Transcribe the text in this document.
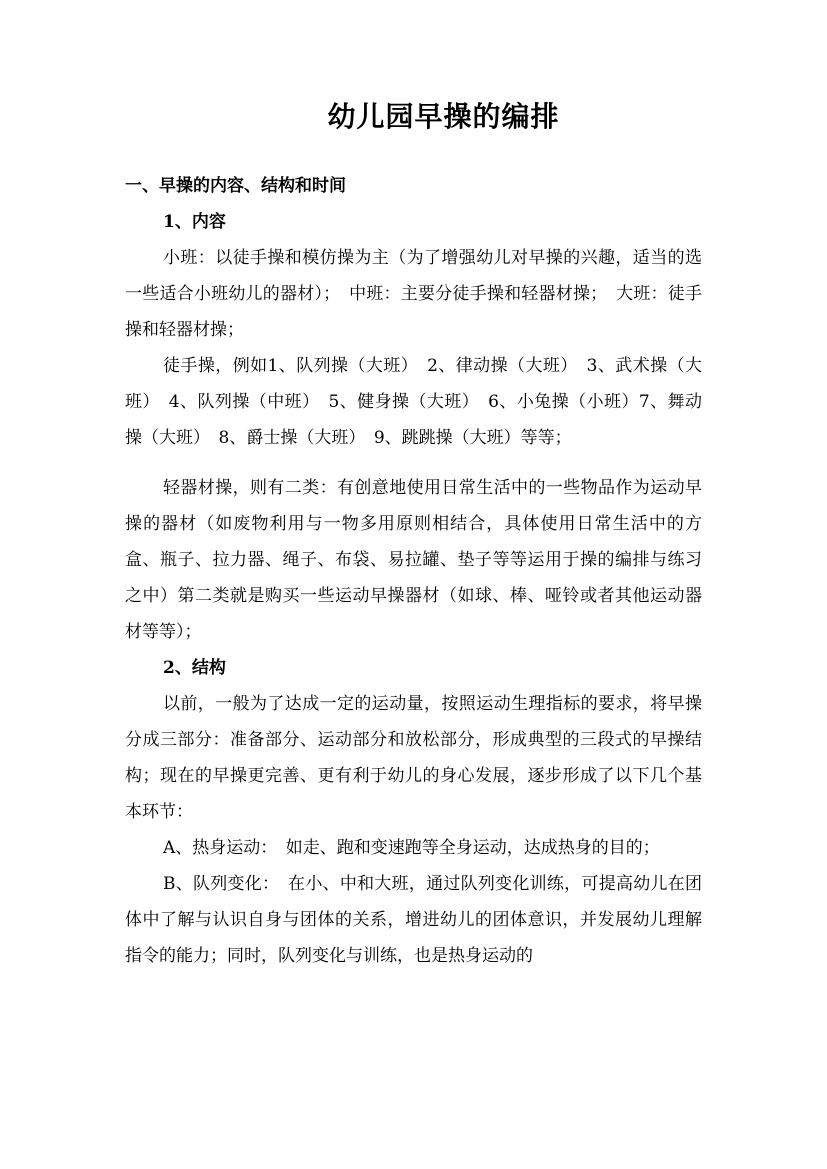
幼儿园早操的编排

一、早操的内容、结构和时间

1、内容

小班：以徒手操和模仿操为主（为了增强幼儿对早操的兴趣，适当的选一些适合小班幼儿的器材）；　中班：主要分徒手操和轻器材操；　大班：徒手操和轻器材操；

徒手操，例如1、队列操（大班）　2、律动操（大班）　3、武术操（大班）　4、队列操（中班）　5、健身操（大班）　6、小兔操（小班）7、舞动操（大班）　8、爵士操（大班）　9、跳跳操（大班）等等；

轻器材操，则有二类：有创意地使用日常生活中的一些物品作为运动早操的器材（如废物利用与一物多用原则相结合，具体使用日常生活中的方盒、瓶子、拉力器、绳子、布袋、易拉罐、垫子等等运用于操的编排与练习之中）第二类就是购买一些运动早操器材（如球、棒、哑铃或者其他运动器材等等）；

2、结构

以前，一般为了达成一定的运动量，按照运动生理指标的要求，将早操分成三部分：准备部分、运动部分和放松部分，形成典型的三段式的早操结构；现在的早操更完善、更有利于幼儿的身心发展，逐步形成了以下几个基本环节：

A、热身运动：　如走、跑和变速跑等全身运动，达成热身的目的；

B、队列变化：　在小、中和大班，通过队列变化训练，可提高幼儿在团体中了解与认识自身与团体的关系，增进幼儿的团体意识，并发展幼儿理解指令的能力；同时，队列变化与训练，也是热身运动的
